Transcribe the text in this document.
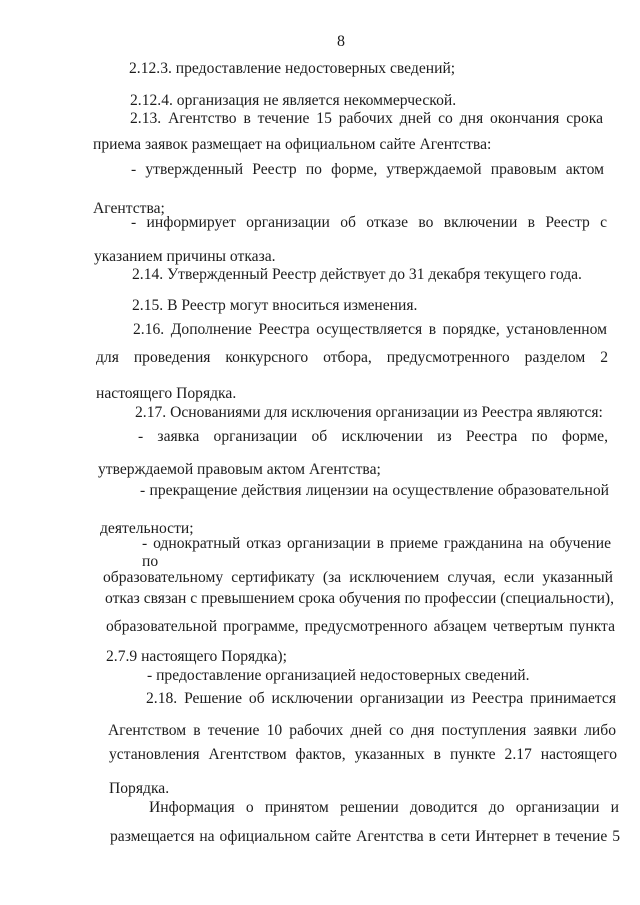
8
2.12.3. предоставление недостоверных сведений;
2.12.4. организация не является некоммерческой.
2.13. Агентство в течение 15 рабочих дней со дня окончания срока
приема заявок размещает на официальном сайте Агентства:
- утвержденный Реестр по форме, утверждаемой правовым актом
Агентства;
- информирует организации об отказе во включении в Реестр с
указанием причины отказа.
2.14. Утвержденный Реестр действует до 31 декабря текущего года.
2.15. В Реестр могут вноситься изменения.
2.16. Дополнение Реестра осуществляется в порядке, установленном
для проведения конкурсного отбора, предусмотренного разделом 2
настоящего Порядка.
2.17. Основаниями для исключения организации из Реестра являются:
- заявка организации об исключении из Реестра по форме,
утверждаемой правовым актом Агентства;
- прекращение действия лицензии на осуществление образовательной
деятельности;
- однократный отказ организации в приеме гражданина на обучение по
образовательному сертификату (за исключением случая, если указанный
отказ связан с превышением срока обучения по профессии (специальности),
образовательной программе, предусмотренного абзацем четвертым пункта
2.7.9 настоящего Порядка);
- предоставление организацией недостоверных сведений.
2.18. Решение об исключении организации из Реестра принимается
Агентством в течение 10 рабочих дней со дня поступления заявки либо
установления Агентством фактов, указанных в пункте 2.17 настоящего
Порядка.
Информация о принятом решении доводится до организации и
размещается на официальном сайте Агентства в сети Интернет в течение 5
